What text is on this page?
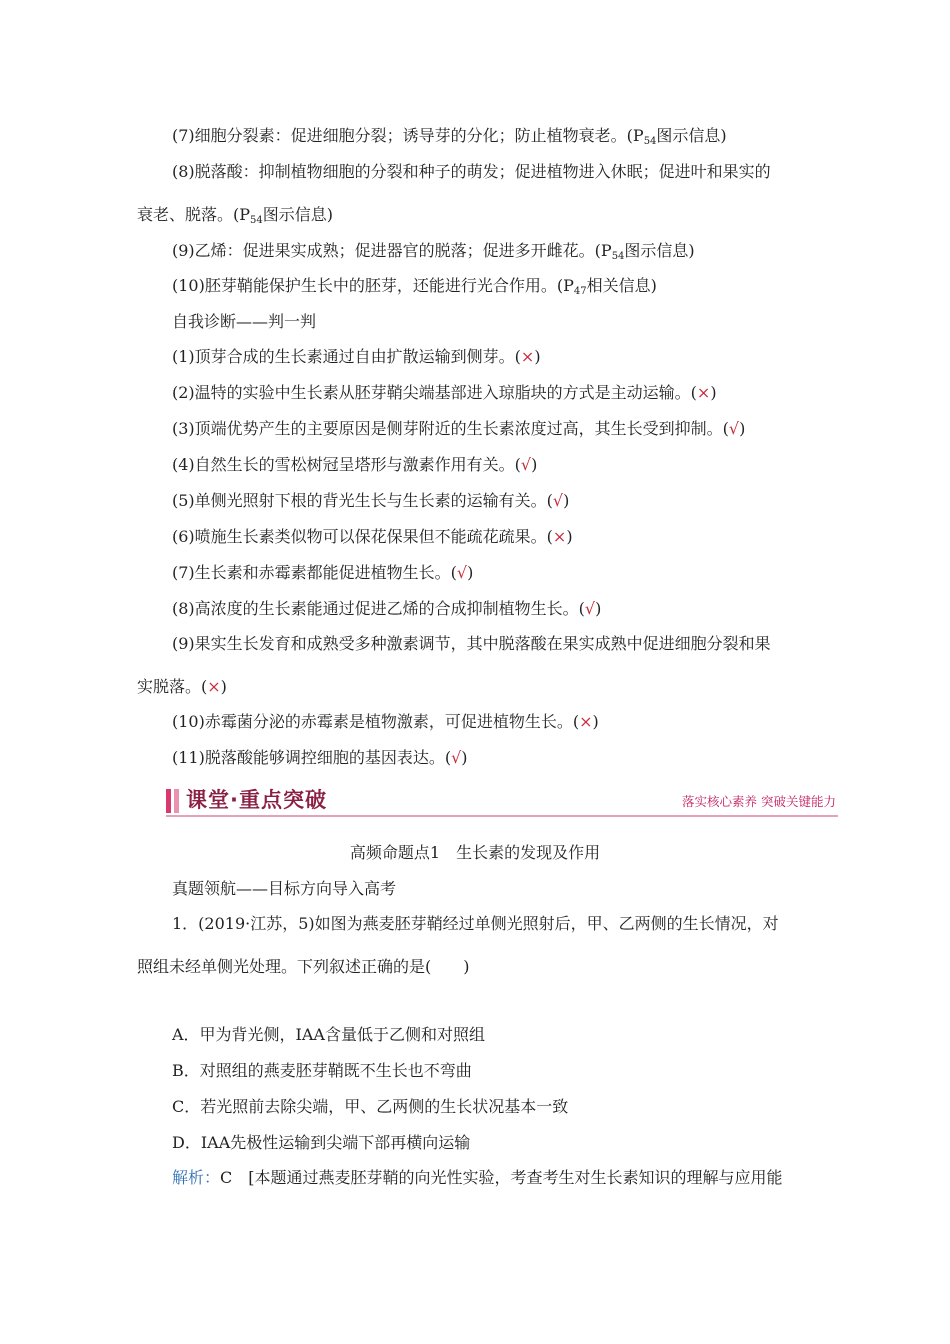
(7)细胞分裂素：促进细胞分裂；诱导芽的分化；防止植物衰老。($P_{54}$图示信息)
(8)脱落酸：抑制植物细胞的分裂和种子的萌发；促进植物进入休眠；促进叶和果实的
衰老、脱落。($P_{54}$图示信息)
(9)乙烯：促进果实成熟；促进器官的脱落；促进多开雌花。($P_{54}$图示信息)
(10)胚芽鞘能保护生长中的胚芽，还能进行光合作用。($P_{47}$相关信息)
自我诊断——判一判
(1)顶芽合成的生长素通过自由扩散运输到侧芽。(×)
(2)温特的实验中生长素从胚芽鞘尖端基部进入琼脂块的方式是主动运输。(×)
(3)顶端优势产生的主要原因是侧芽附近的生长素浓度过高，其生长受到抑制。(√)
(4)自然生长的雪松树冠呈塔形与激素作用有关。(√)
(5)单侧光照射下根的背光生长与生长素的运输有关。(√)
(6)喷施生长素类似物可以保花保果但不能疏花疏果。(×)
(7)生长素和赤霉素都能促进植物生长。(√)
(8)高浓度的生长素能通过促进乙烯的合成抑制植物生长。(√)
(9)果实生长发育和成熟受多种激素调节，其中脱落酸在果实成熟中促进细胞分裂和果
实脱落。(×)
(10)赤霉菌分泌的赤霉素是植物激素，可促进植物生长。(×)
(11)脱落酸能够调控细胞的基因表达。(√)
课堂·重点突破	落实核心素养 突破关键能力
高频命题点1　生长素的发现及作用
真题领航——目标方向导入高考
1．(2019·江苏，5)如图为燕麦胚芽鞘经过单侧光照射后，甲、乙两侧的生长情况，对
照组未经单侧光处理。下列叙述正确的是(　　)
A．甲为背光侧，IAA含量低于乙侧和对照组
B．对照组的燕麦胚芽鞘既不生长也不弯曲
C．若光照前去除尖端，甲、乙两侧的生长状况基本一致
D．IAA先极性运输到尖端下部再横向运输
解析：C　[本题通过燕麦胚芽鞘的向光性实验，考查考生对生长素知识的理解与应用能
